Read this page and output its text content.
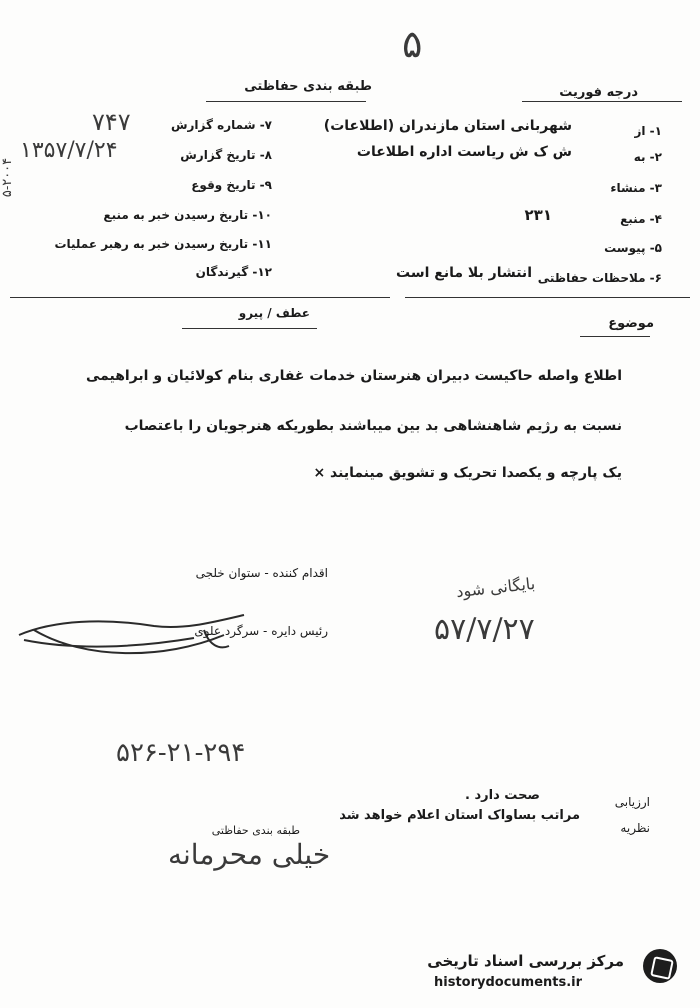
۵
طبقه بندی حفاظتی	درجه فوریت
۱- از
شهربانی استان مازندران (اطلاعات)
۲- به
ش ک ش ریاست اداره اطلاعات
۳- منشاء
۴- منبع
۲۳۱
۵- پیوست
۶- ملاحظات حفاظتی
انتشار بلا مانع است
۷- شماره گزارش
۷۴۷
۸- تاریخ گزارش
۱۳۵۷/۷/۲۴
۹- تاریخ وقوع
۱۰- تاریخ رسیدن خبر به منبع
۱۱- تاریخ رسیدن خبر به رهبر عملیات
۱۲- گیرندگان
۵-۲۰۰۴
عطف / پیرو
موضوع
اطلاع واصله حاکیست دبیران هنرستان خدمات غفاری بنام کولائیان و ابراهیمی
نسبت به رژیم شاهنشاهی بد بین میباشند بطوریکه هنرجویان را باعتصاب
یک پارچه و یکصدا تحریک و تشویق مینمایند ×
اقدام کننده - ستوان خلجی
رئیس دایره - سرگرد علوی
بایگانی شود
۵۷/۷/۲۷
۵۲۶-۲۱-۲۹۴
صحت دارد .	ارزیابی
مراتب بساواک استان اعلام خواهد شد
نظریه
طبقه بندی حفاظتی
خیلی محرمانه
مرکز بررسی اسناد تاریخی
historydocuments.ir
